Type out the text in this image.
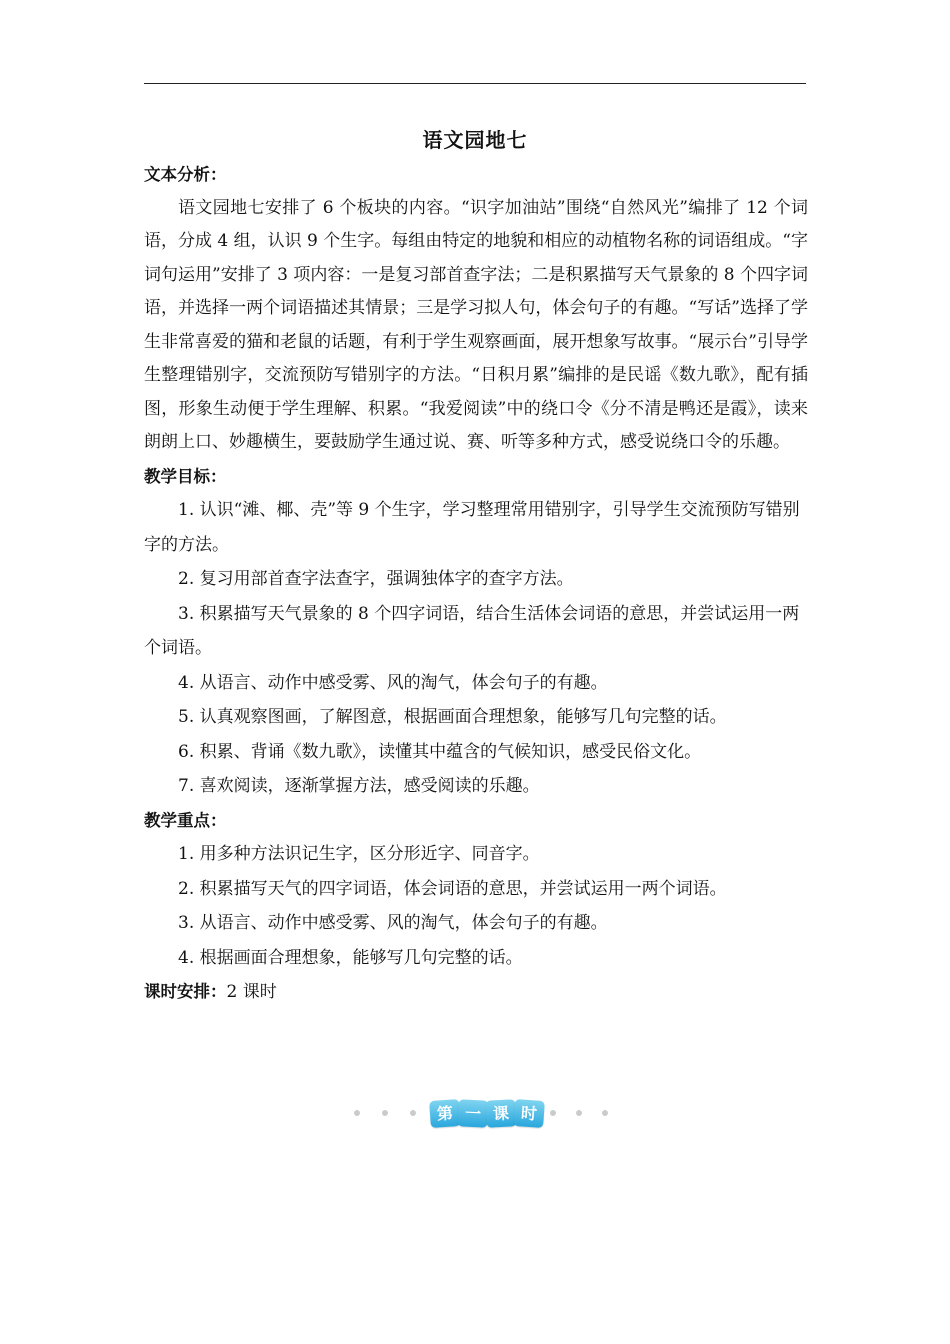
语文园地七

文本分析：

语文园地七安排了 6 个板块的内容。“识字加油站”围绕“自然风光”编排了 12 个词语，分成 4 组，认识 9 个生字。每组由特定的地貌和相应的动植物名称的词语组成。“字词句运用”安排了 3 项内容：一是复习部首查字法；二是积累描写天气景象的 8 个四字词语，并选择一两个词语描述其情景；三是学习拟人句，体会句子的有趣。“写话”选择了学生非常喜爱的猫和老鼠的话题，有利于学生观察画面，展开想象写故事。“展示台”引导学生整理错别字，交流预防写错别字的方法。“日积月累”编排的是民谣《数九歌》，配有插图，形象生动便于学生理解、积累。“我爱阅读”中的绕口令《分不清是鸭还是霞》，读来朗朗上口、妙趣横生，要鼓励学生通过说、赛、听等多种方式，感受说绕口令的乐趣。

教学目标：

1. 认识“滩、椰、壳”等 9 个生字，学习整理常用错别字，引导学生交流预防写错别字的方法。

2. 复习用部首查字法查字，强调独体字的查字方法。

3. 积累描写天气景象的 8 个四字词语，结合生活体会词语的意思，并尝试运用一两个词语。

4. 从语言、动作中感受雾、风的淘气，体会句子的有趣。

5. 认真观察图画，了解图意，根据画面合理想象，能够写几句完整的话。

6. 积累、背诵《数九歌》，读懂其中蕴含的气候知识，感受民俗文化。

7. 喜欢阅读，逐渐掌握方法，感受阅读的乐趣。

教学重点：

1. 用多种方法识记生字，区分形近字、同音字。

2. 积累描写天气的四字词语，体会词语的意思，并尝试运用一两个词语。

3. 从语言、动作中感受雾、风的淘气，体会句子的有趣。

4. 根据画面合理想象，能够写几句完整的话。

课时安排：2 课时

第 一 课 时
